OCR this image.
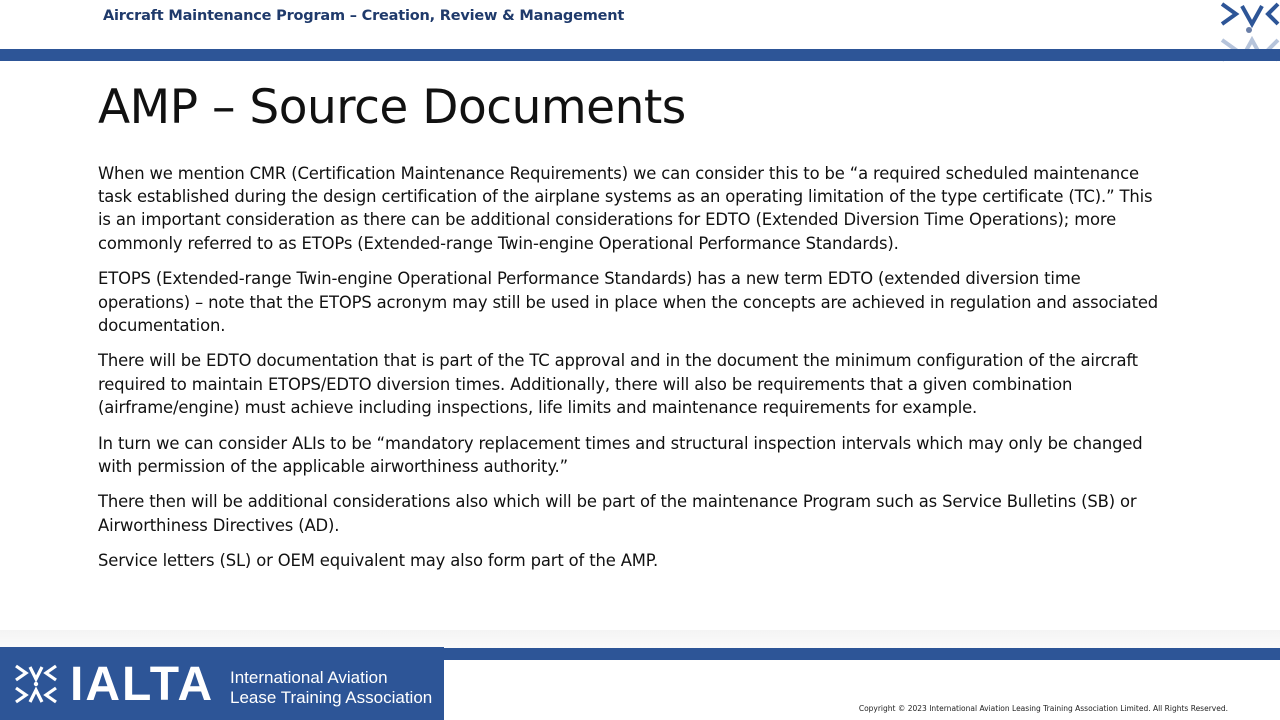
Aircraft Maintenance Program – Creation, Review & Management
AMP – Source Documents

When we mention CMR (Certification Maintenance Requirements) we can consider this to be “a required scheduled maintenance task established during the design certification of the airplane systems as an operating limitation of the type certificate (TC).” This is an important consideration as there can be additional considerations for EDTO (Extended Diversion Time Operations); more commonly referred to as ETOPs (Extended-range Twin-engine Operational Performance Standards).

ETOPS (Extended-range Twin-engine Operational Performance Standards) has a new term EDTO (extended diversion time operations) – note that the ETOPS acronym may still be used in place when the concepts are achieved in regulation and associated documentation.

There will be EDTO documentation that is part of the TC approval and in the document the minimum configuration of the aircraft required to maintain ETOPS/EDTO diversion times. Additionally, there will also be requirements that a given combination (airframe/engine) must achieve including inspections, life limits and maintenance requirements for example.

In turn we can consider ALIs to be “mandatory replacement times and structural inspection intervals which may only be changed with permission of the applicable airworthiness authority.”

There then will be additional considerations also which will be part of the maintenance Program such as Service Bulletins (SB) or Airworthiness Directives (AD).

Service letters (SL) or OEM equivalent may also form part of the AMP.

IALTA International Aviation
Lease Training Association
Copyright © 2023 International Aviation Leasing Training Association Limited. All Rights Reserved.
